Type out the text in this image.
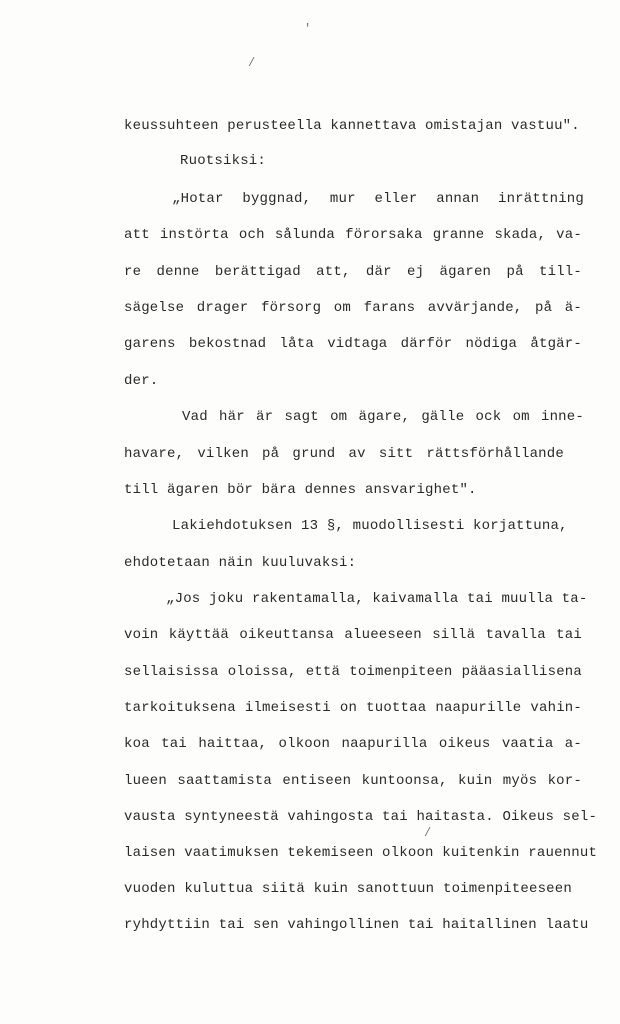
'
/
/
keussuhteen perusteella kannettava omistajan vastuu".
Ruotsiksi:
„Hotar byggnad, mur eller annan inrättning
att instörta och sålunda förorsaka granne skada, va-
re denne berättigad att, där ej ägaren på till-
sägelse drager försorg om farans avvärjande, på ä-
garens bekostnad låta vidtaga därför nödiga åtgär-
der.
Vad här är sagt om ägare, gälle ock om inne-
havare, vilken på grund av sitt rättsförhållande
till ägaren bör bära dennes ansvarighet".
Lakiehdotuksen 13 §, muodollisesti korjattuna,
ehdotetaan näin kuuluvaksi:
„Jos joku rakentamalla, kaivamalla tai muulla ta-
voin käyttää oikeuttansa alueeseen sillä tavalla tai
sellaisissa oloissa, että toimenpiteen pääasiallisena
tarkoituksena ilmeisesti on tuottaa naapurille vahin-
koa tai haittaa, olkoon naapurilla oikeus vaatia a-
lueen saattamista entiseen kuntoonsa, kuin myös kor-
vausta syntyneestä vahingosta tai haitasta. Oikeus sel-
laisen vaatimuksen tekemiseen olkoon kuitenkin rauennut
vuoden kuluttua siitä kuin sanottuun toimenpiteeseen
ryhdyttiin tai sen vahingollinen tai haitallinen laatu
